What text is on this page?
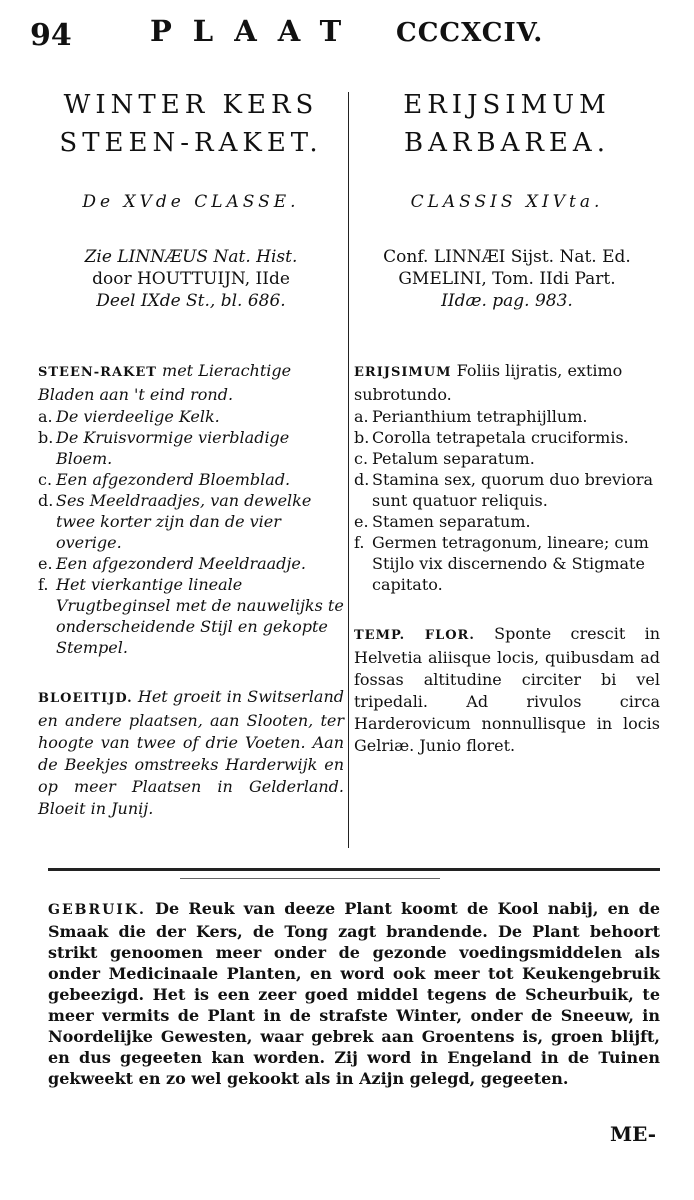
94	PLAAT CCCXCIV.
WINTER KERS
STEEN-RAKET.
De XVde CLASSE.
Zie LINNÆUS Nat. Hist.
door HOUTTUIJN, IIde
Deel IXde St., bl. 686.
STEEN-RAKET met Lierachtige Bladen aan 't eind rond.
a. De vierdeelige Kelk.
b. De Kruisvormige vierbladige Bloem.
c. Een afgezonderd Bloemblad.
d. Ses Meeldraadjes, van dewelke twee korter zijn dan de vier overige.
e. Een afgezonderd Meeldraadje.
f. Het vierkantige lineale Vrugtbeginsel met de nauwelijks te onderscheidende Stijl en gekopte Stempel.
BLOEITIJD. Het groeit in Switserland en andere plaatsen, aan Slooten, ter hoogte van twee of drie Voeten. Aan de Beekjes omstreeks Harderwijk en op meer Plaatsen in Gelderland. Bloeit in Junij.
ERIJSIMUM
BARBAREA.
CLASSIS XIVta.
Conf. LINNÆI Sijst. Nat. Ed.
GMELINI, Tom. IIdi Part.
IIdæ. pag. 983.
ERIJSIMUM Foliis lijratis, extimo subrotundo.
a. Perianthium tetraphijllum.
b. Corolla tetrapetala cruciformis.
c. Petalum separatum.
d. Stamina sex, quorum duo breviora sunt quatuor reliquis.
e. Stamen separatum.
f. Germen tetragonum, lineare; cum Stijlo vix discernendo & Stigmate capitato.
TEMP. FLOR. Sponte crescit in Helvetia aliisque locis, quibusdam ad fossas altitudine circiter bi vel tripedali. Ad rivulos circa Harderovicum nonnullisque in locis Gelriæ. Junio floret.
GEBRUIK. De Reuk van deeze Plant koomt de Kool nabij, en de Smaak die der Kers, de Tong zagt brandende. De Plant behoort strikt genoomen meer onder de gezonde voedingsmiddelen als onder Medicinaale Planten, en word ook meer tot Keukengebruik gebeezigd. Het is een zeer goed middel tegens de Scheurbuik, te meer vermits de Plant in de strafste Winter, onder de Sneeuw, in Noordelijke Gewesten, waar gebrek aan Groentens is, groen blijft, en dus gegeeten kan worden. Zij word in Engeland in de Tuinen gekweekt en zo wel gekookt als in Azijn gelegd, gegeeten.
ME-
